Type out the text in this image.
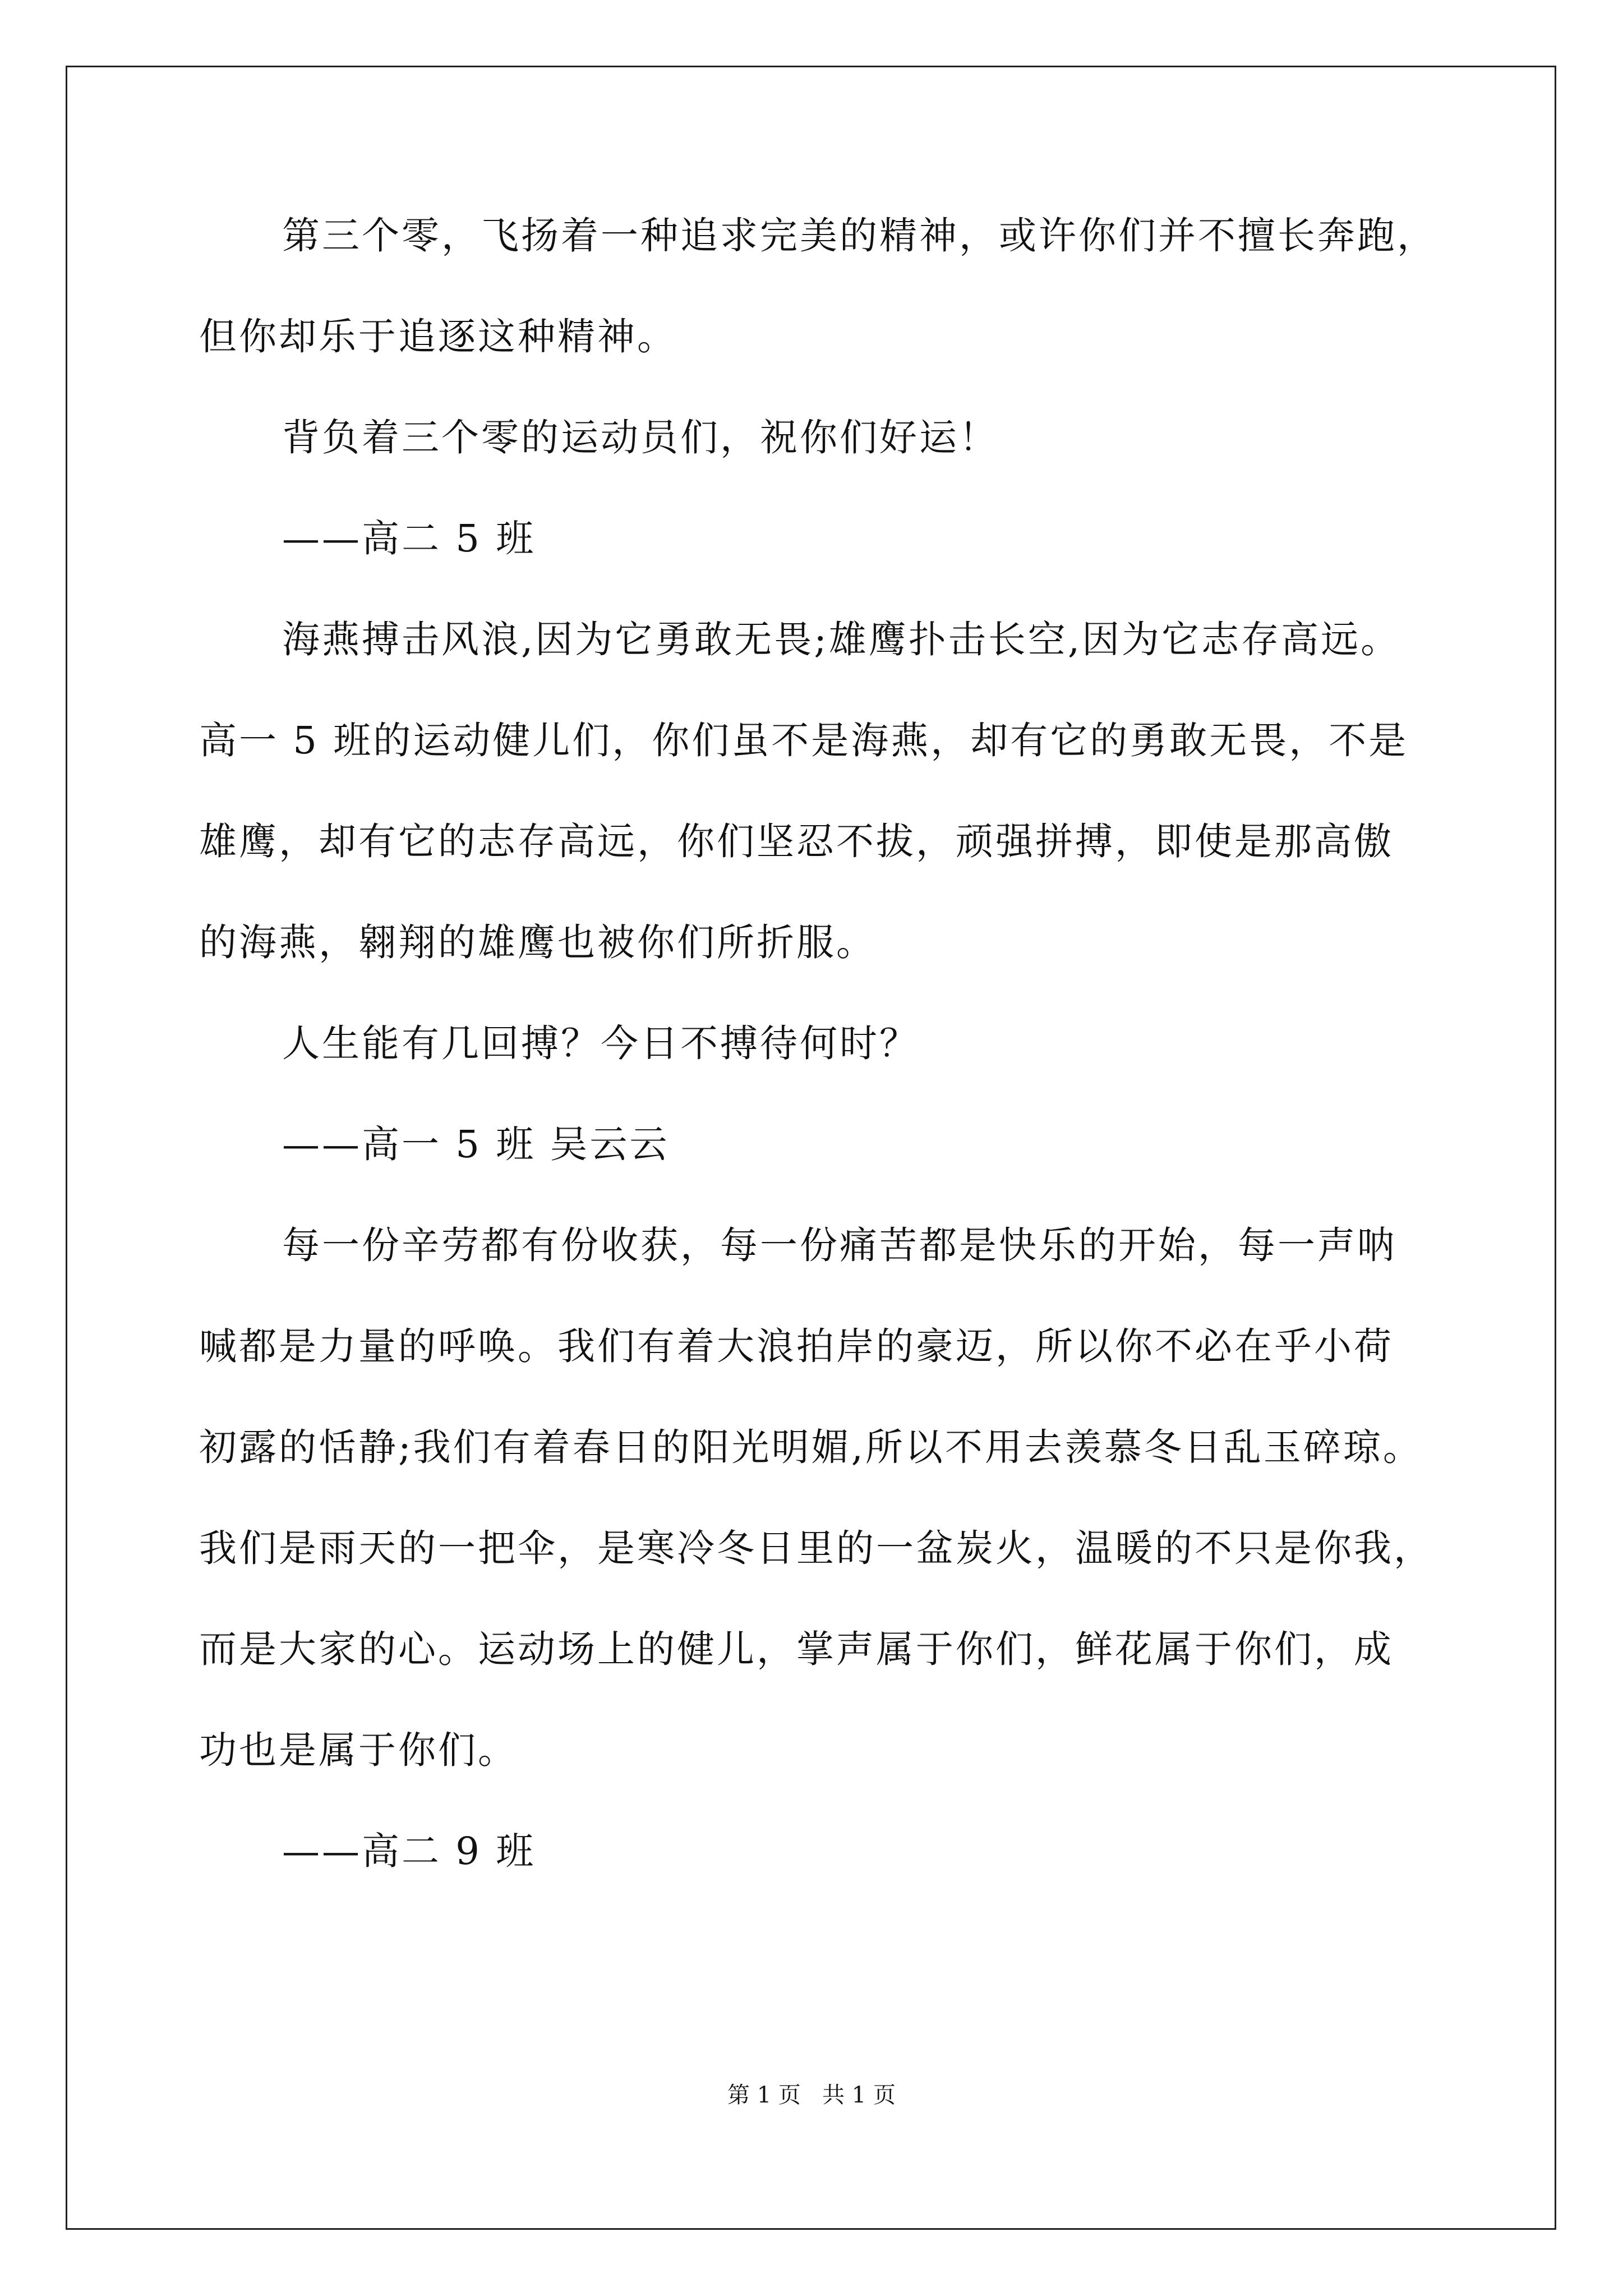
第三个零，飞扬着一种追求完美的精神，或许你们并不擅长奔跑，
但你却乐于追逐这种精神。
背负着三个零的运动员们，祝你们好运！
——高二 5 班
海燕搏击风浪,因为它勇敢无畏;雄鹰扑击长空,因为它志存高远。
高一 5 班的运动健儿们，你们虽不是海燕，却有它的勇敢无畏，不是
雄鹰，却有它的志存高远，你们坚忍不拔，顽强拼搏，即使是那高傲
的海燕，翱翔的雄鹰也被你们所折服。
人生能有几回搏？今日不搏待何时？
——高一 5 班 吴云云
每一份辛劳都有份收获，每一份痛苦都是快乐的开始，每一声呐
喊都是力量的呼唤。我们有着大浪拍岸的豪迈，所以你不必在乎小荷
初露的恬静;我们有着春日的阳光明媚,所以不用去羡慕冬日乱玉碎琼。
我们是雨天的一把伞，是寒冷冬日里的一盆炭火，温暖的不只是你我，
而是大家的心。运动场上的健儿，掌声属于你们，鲜花属于你们，成
功也是属于你们。
——高二 9 班
第 1 页   共 1 页
